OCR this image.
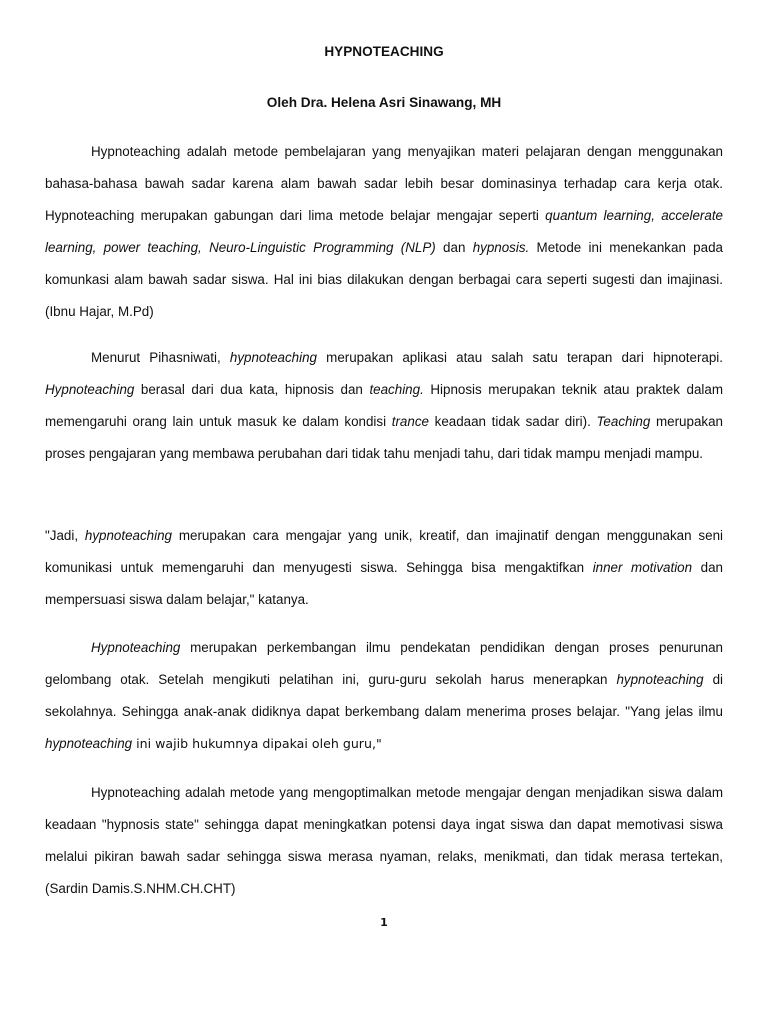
HYPNOTEACHING

Oleh Dra. Helena Asri Sinawang, MH

Hypnoteaching adalah metode pembelajaran yang menyajikan materi pelajaran dengan menggunakan bahasa-bahasa bawah sadar karena alam bawah sadar lebih besar dominasinya terhadap cara kerja otak. Hypnoteaching merupakan gabungan dari lima metode belajar mengajar seperti quantum learning, accelerate learning, power teaching, Neuro-Linguistic Programming (NLP) dan hypnosis. Metode ini menekankan pada komunkasi alam bawah sadar siswa. Hal ini bias dilakukan dengan berbagai cara seperti sugesti dan imajinasi. (Ibnu Hajar, M.Pd)

Menurut Pihasniwati, hypnoteaching merupakan aplikasi atau salah satu terapan dari hipnoterapi. Hypnoteaching berasal dari dua kata, hipnosis dan teaching. Hipnosis merupakan teknik atau praktek dalam memengaruhi orang lain untuk masuk ke dalam kondisi trance keadaan tidak sadar diri). Teaching merupakan proses pengajaran yang membawa perubahan dari tidak tahu menjadi tahu, dari tidak mampu menjadi mampu.

"Jadi, hypnoteaching merupakan cara mengajar yang unik, kreatif, dan imajinatif dengan menggunakan seni komunikasi untuk memengaruhi dan menyugesti siswa. Sehingga bisa mengaktifkan inner motivation dan mempersuasi siswa dalam belajar," katanya.

Hypnoteaching merupakan perkembangan ilmu pendekatan pendidikan dengan proses penurunan gelombang otak. Setelah mengikuti pelatihan ini, guru-guru sekolah harus menerapkan hypnoteaching di sekolahnya. Sehingga anak-anak didiknya dapat berkembang dalam menerima proses belajar. "Yang jelas ilmu hypnoteaching ini wajib hukumnya dipakai oleh guru,"

Hypnoteaching adalah metode yang mengoptimalkan metode mengajar dengan menjadikan siswa dalam keadaan "hypnosis state" sehingga dapat meningkatkan potensi daya ingat siswa dan dapat memotivasi siswa melalui pikiran bawah sadar sehingga siswa merasa nyaman, relaks, menikmati, dan tidak merasa tertekan, (Sardin Damis.S.NHM.CH.CHT)

1
